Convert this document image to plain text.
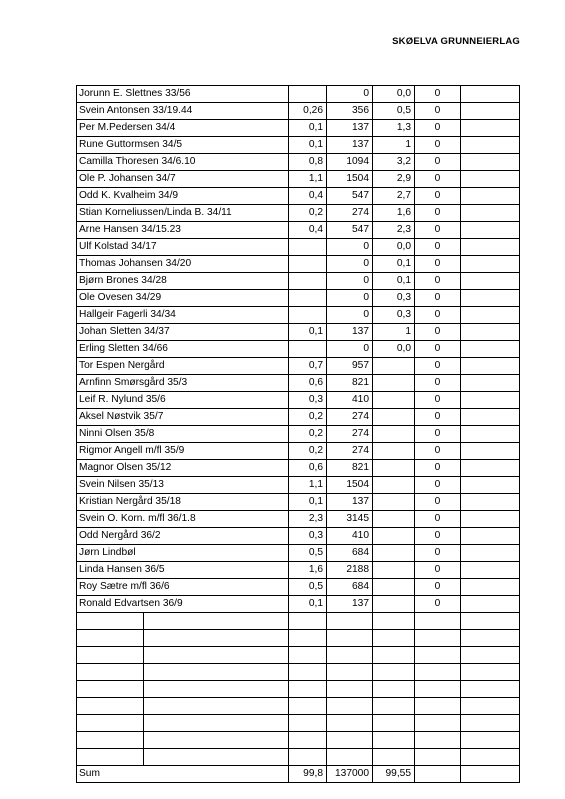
SKØELVA GRUNNEIERLAG
Jorunn E. Slettnes 33/56		0	0,0	0	
Svein Antonsen 33/19.44	0,26	356	0,5	0	
Per M.Pedersen 34/4	0,1	137	1,3	0	
Rune Guttormsen 34/5	0,1	137	1	0	
Camilla Thoresen 34/6.10	0,8	1094	3,2	0	
Ole P. Johansen 34/7	1,1	1504	2,9	0	
Odd K. Kvalheim 34/9	0,4	547	2,7	0	
Stian Korneliussen/Linda B. 34/11	0,2	274	1,6	0	
Arne Hansen 34/15.23	0,4	547	2,3	0	
Ulf Kolstad 34/17		0	0,0	0	
Thomas Johansen 34/20		0	0,1	0	
Bjørn Brones 34/28		0	0,1	0	
Ole Ovesen 34/29		0	0,3	0	
Hallgeir Fagerli 34/34		0	0,3	0	
Johan Sletten 34/37	0,1	137	1	0	
Erling Sletten 34/66		0	0,0	0	
Tor Espen Nergård	0,7	957		0	
Arnfinn Smørsgård 35/3	0,6	821		0	
Leif R. Nylund 35/6	0,3	410		0	
Aksel Nøstvik 35/7	0,2	274		0	
Ninni Olsen 35/8	0,2	274		0	
Rigmor Angell m/fl 35/9	0,2	274		0	
Magnor Olsen 35/12	0,6	821		0	
Svein Nilsen 35/13	1,1	1504		0	
Kristian Nergård 35/18	0,1	137		0	
Svein O. Korn. m/fl 36/1.8	2,3	3145		0	
Odd Nergård 36/2	0,3	410		0	
Jørn Lindbøl	0,5	684		0	
Linda Hansen 36/5	1,6	2188		0	
Roy Sætre m/fl 36/6	0,5	684		0	
Ronald Edvartsen 36/9	0,1	137		0	

Sum	99,8	137000	99,55		
